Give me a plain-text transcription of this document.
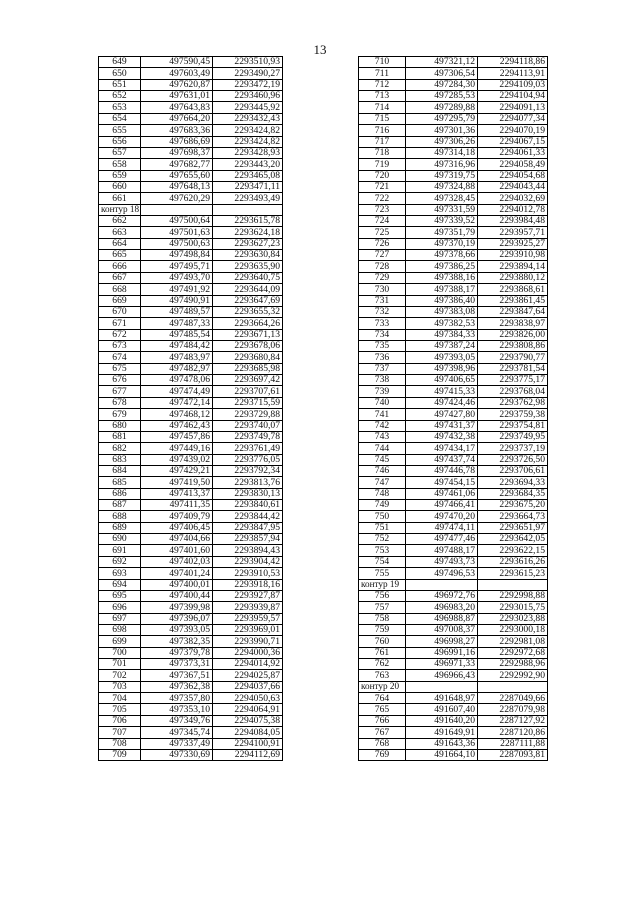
13
649	497590,45	2293510,93
650	497603,49	2293490,27
651	497620,87	2293472,19
652	497631,01	2293460,96
653	497643,83	2293445,92
654	497664,20	2293432,43
655	497683,36	2293424,82
656	497686,69	2293424,82
657	497698,37	2293428,93
658	497682,77	2293443,20
659	497655,60	2293465,08
660	497648,13	2293471,11
661	497620,29	2293493,49
контур 18		
662	497500,64	2293615,78
663	497501,63	2293624,18
664	497500,63	2293627,23
665	497498,84	2293630,84
666	497495,71	2293635,90
667	497493,70	2293640,75
668	497491,92	2293644,09
669	497490,91	2293647,69
670	497489,57	2293655,32
671	497487,33	2293664,26
672	497485,54	2293671,13
673	497484,42	2293678,06
674	497483,97	2293680,84
675	497482,97	2293685,98
676	497478,06	2293697,42
677	497474,49	2293707,61
678	497472,14	2293715,59
679	497468,12	2293729,88
680	497462,43	2293740,07
681	497457,86	2293749,78
682	497449,16	2293761,49
683	497439,02	2293776,05
684	497429,21	2293792,34
685	497419,50	2293813,76
686	497413,37	2293830,13
687	497411,35	2293840,61
688	497409,79	2293844,42
689	497406,45	2293847,95
690	497404,66	2293857,94
691	497401,60	2293894,43
692	497402,03	2293904,42
693	497401,24	2293910,53
694	497400,01	2293918,16
695	497400,44	2293927,87
696	497399,98	2293939,87
697	497396,07	2293959,57
698	497393,05	2293969,01
699	497382,35	2293990,71
700	497379,78	2294000,36
701	497373,31	2294014,92
702	497367,51	2294025,87
703	497362,38	2294037,66
704	497357,80	2294050,63
705	497353,10	2294064,91
706	497349,76	2294075,38
707	497345,74	2294084,05
708	497337,49	2294100,91
709	497330,69	2294112,69
710	497321,12	2294118,86
711	497306,54	2294113,91
712	497284,30	2294109,03
713	497285,53	2294104,94
714	497289,88	2294091,13
715	497295,79	2294077,34
716	497301,36	2294070,19
717	497306,26	2294067,15
718	497314,18	2294061,33
719	497316,96	2294058,49
720	497319,75	2294054,68
721	497324,88	2294043,44
722	497328,45	2294032,69
723	497331,59	2294012,78
724	497339,52	2293984,48
725	497351,79	2293957,71
726	497370,19	2293925,27
727	497378,66	2293910,98
728	497386,25	2293894,14
729	497388,16	2293880,12
730	497388,17	2293868,61
731	497386,40	2293861,45
732	497383,08	2293847,64
733	497382,53	2293838,97
734	497384,33	2293826,00
735	497387,24	2293808,86
736	497393,05	2293790,77
737	497398,96	2293781,54
738	497406,65	2293775,17
739	497415,33	2293768,04
740	497424,46	2293762,98
741	497427,80	2293759,38
742	497431,37	2293754,81
743	497432,38	2293749,95
744	497434,17	2293737,19
745	497437,74	2293726,50
746	497446,78	2293706,61
747	497454,15	2293694,33
748	497461,06	2293684,35
749	497466,41	2293675,20
750	497470,20	2293664,73
751	497474,11	2293651,97
752	497477,46	2293642,05
753	497488,17	2293622,15
754	497493,73	2293616,26
755	497496,53	2293615,23
контур 19		
756	496972,76	2292998,88
757	496983,20	2293015,75
758	496988,87	2293023,88
759	497008,37	2293000,18
760	496998,27	2292981,08
761	496991,16	2292972,68
762	496971,33	2292988,96
763	496966,43	2292992,90
контур 20		
764	491648,97	2287049,66
765	491607,40	2287079,98
766	491640,20	2287127,92
767	491649,91	2287120,86
768	491643,36	2287111,88
769	491664,10	2287093,81
